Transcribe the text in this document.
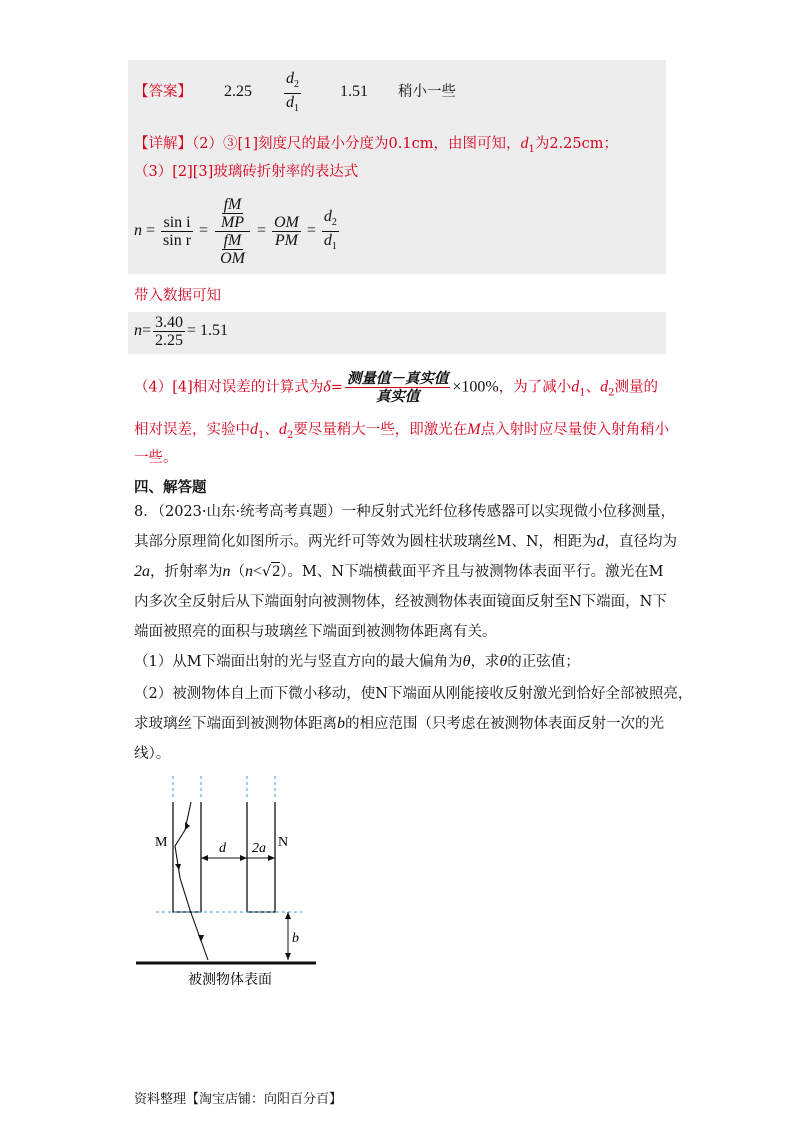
【答案】 $2.25 \frac{d_2}{d_1} 1.51$ 稍小一些
【详解】（2）③[1]刻度尺的最小分度为0.1cm，由图可知，$d_1$为2.25cm；
（3）[2][3]玻璃砖折射率的表达式
$n = \frac{\text{sin i}}{\text{sin r}} = \frac{\frac{fM}{MP}}{\frac{fM}{OM}} = \frac{OM}{PM} = \frac{d_2}{d_1}$
带入数据可知
$n= \frac{3.40}{2.25} = 1.51$
（4）[4]相对误差的计算式为$\delta= \frac{\text{测量值－真实值}}{\text{真实值}} \times 100\%$，为了减小$d_1$、$d_2$测量的
相对误差，实验中$d_1$、$d_2$要尽量稍大一些，即激光在M点入射时应尽量使入射角稍小
一些。
四、解答题
8．（2023·山东·统考高考真题）一种反射式光纤位移传感器可以实现微小位移测量，
其部分原理简化如图所示。两光纤可等效为圆柱状玻璃丝M、N，相距为d，直径均为
2a，折射率为n（n<√2）。M、N下端横截面平齐且与被测物体表面平行。激光在M
内多次全反射后从下端面射向被测物体，经被测物体表面镜面反射至N下端面，N下
端面被照亮的面积与玻璃丝下端面到被测物体距离有关。
（1）从M下端面出射的光与竖直方向的最大偏角为θ，求θ的正弦值；
（2）被测物体自上而下微小移动，使N下端面从刚能接收反射激光到恰好全部被照亮，
求玻璃丝下端面到被测物体距离b的相应范围（只考虑在被测物体表面反射一次的光
线）。
M	N
d 2a
b
被测物体表面
资料整理【淘宝店铺：向阳百分百】
